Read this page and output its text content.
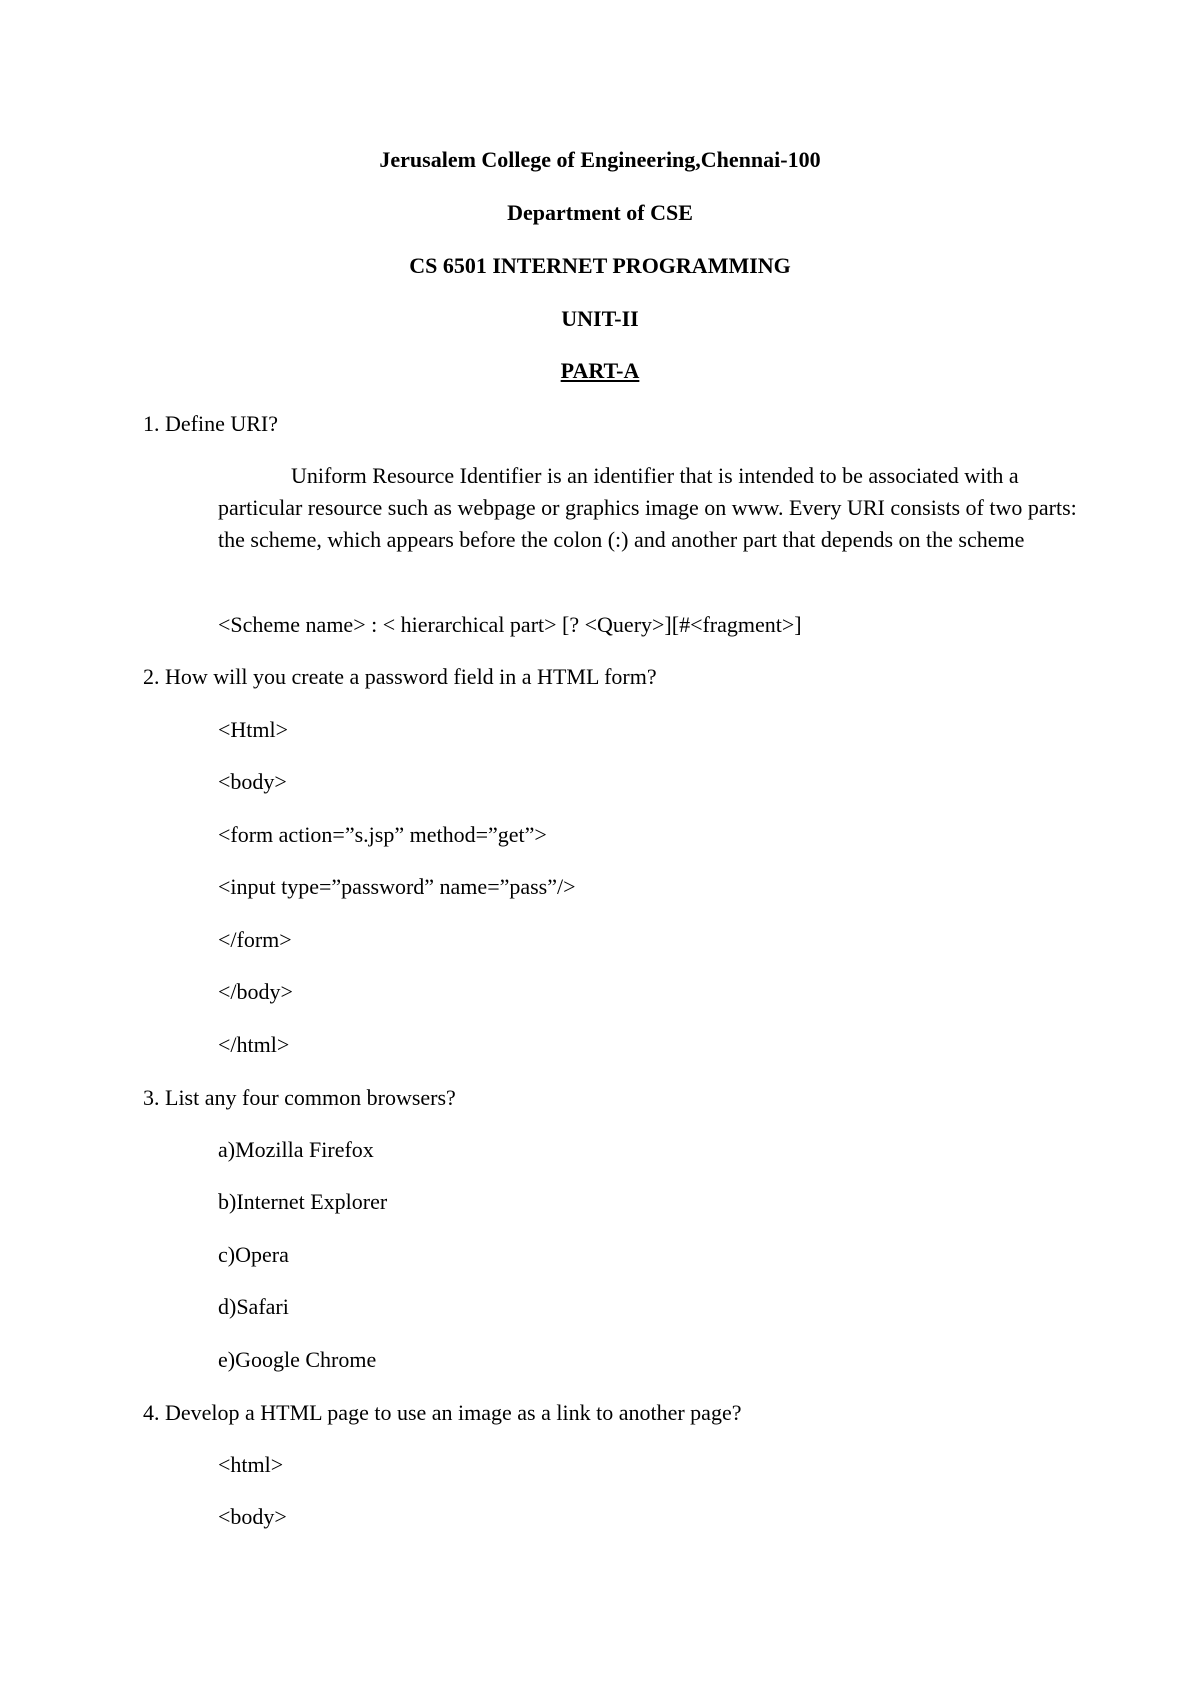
Jerusalem College of Engineering,Chennai-100
Department of CSE
CS 6501 INTERNET PROGRAMMING
UNIT-II
PART-A
1. Define URI?
Uniform Resource Identifier is an identifier that is intended to be associated with a particular resource such as webpage or graphics image on www. Every URI consists of two parts: the scheme, which appears before the colon (:) and another part that depends on the scheme
<Scheme name> : < hierarchical part> [? <Query>][#<fragment>]
2. How will you create a password field in a HTML form?
<Html>
<body>
<form action=”s.jsp” method=”get”>
<input type=”password” name=”pass”/>
</form>
</body>
</html>
3. List any four common browsers?
a)Mozilla Firefox
b)Internet Explorer
c)Opera
d)Safari
e)Google Chrome
4. Develop a HTML page to use an image as a link to another page?
<html>
<body>
